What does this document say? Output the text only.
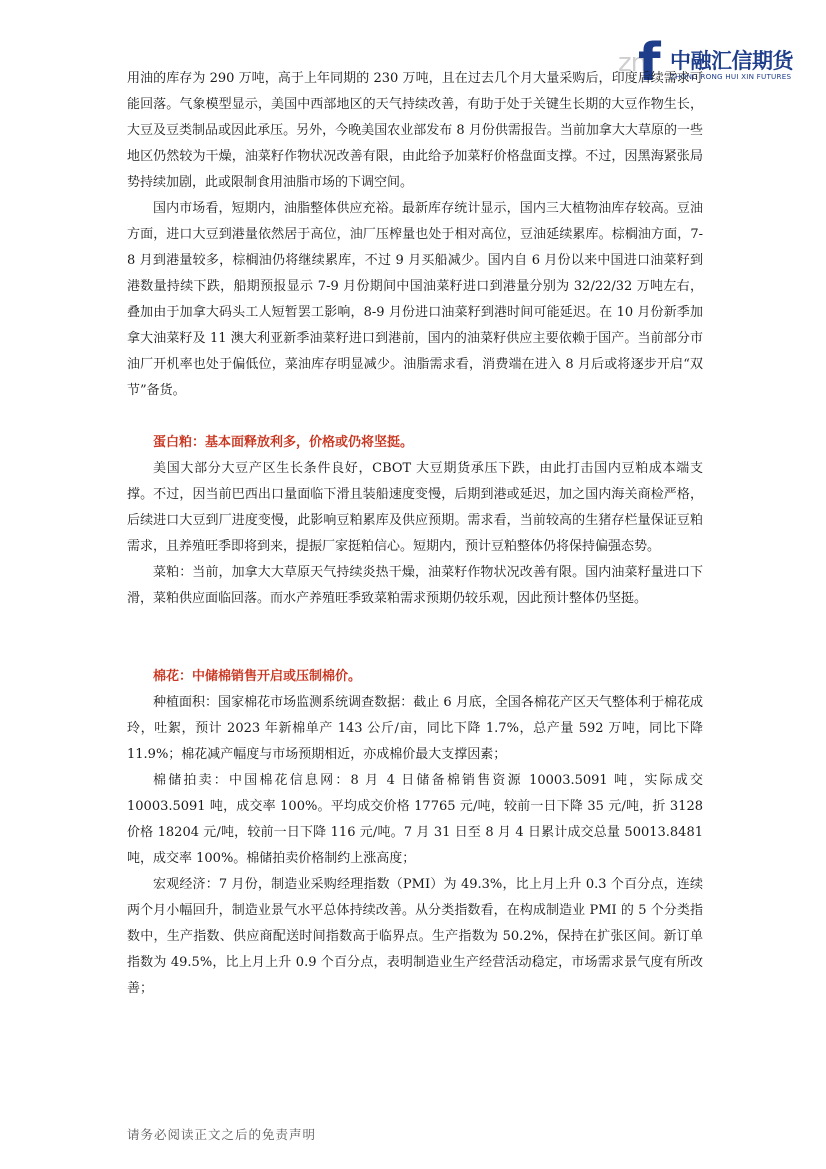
zn
f 中融汇信期货
ZHONG RONG HUI XIN FUTURES

用油的库存为 290 万吨，高于上年同期的 230 万吨，且在过去几个月大量采购后，印度后续需求可能回落。气象模型显示，美国中西部地区的天气持续改善，有助于处于关键生长期的大豆作物生长，大豆及豆类制品或因此承压。另外，今晚美国农业部发布 8 月份供需报告。当前加拿大大草原的一些地区仍然较为干燥，油菜籽作物状况改善有限，由此给予加菜籽价格盘面支撑。不过，因黑海紧张局势持续加剧，此或限制食用油脂市场的下调空间。

国内市场看，短期内，油脂整体供应充裕。最新库存统计显示，国内三大植物油库存较高。豆油方面，进口大豆到港量依然居于高位，油厂压榨量也处于相对高位，豆油延续累库。棕榈油方面，7-8 月到港量较多，棕榈油仍将继续累库，不过 9 月买船减少。国内自 6 月份以来中国进口油菜籽到港数量持续下跌，船期预报显示 7-9 月份期间中国油菜籽进口到港量分别为 32/22/32 万吨左右，叠加由于加拿大码头工人短暂罢工影响，8-9 月份进口油菜籽到港时间可能延迟。在 10 月份新季加拿大油菜籽及 11 澳大利亚新季油菜籽进口到港前，国内的油菜籽供应主要依赖于国产。当前部分市油厂开机率也处于偏低位，菜油库存明显减少。油脂需求看，消费端在进入 8 月后或将逐步开启“双节”备货。

蛋白粕：基本面释放利多，价格或仍将坚挺。

美国大部分大豆产区生长条件良好，CBOT 大豆期货承压下跌，由此打击国内豆粕成本端支撑。不过，因当前巴西出口量面临下滑且装船速度变慢，后期到港或延迟，加之国内海关商检严格，后续进口大豆到厂进度变慢，此影响豆粕累库及供应预期。需求看，当前较高的生猪存栏量保证豆粕需求，且养殖旺季即将到来，提振厂家挺粕信心。短期内，预计豆粕整体仍将保持偏强态势。

菜粕：当前，加拿大大草原天气持续炎热干燥，油菜籽作物状况改善有限。国内油菜籽量进口下滑，菜粕供应面临回落。而水产养殖旺季致菜粕需求预期仍较乐观，因此预计整体仍坚挺。

棉花：中储棉销售开启或压制棉价。

种植面积：国家棉花市场监测系统调查数据：截止 6 月底，全国各棉花产区天气整体利于棉花成玲，吐絮，预计 2023 年新棉单产 143 公斤/亩，同比下降 1.7%，总产量 592 万吨，同比下降 11.9%；棉花减产幅度与市场预期相近，亦成棉价最大支撑因素；

棉储拍卖：中国棉花信息网：8 月 4 日储备棉销售资源 10003.5091 吨，实际成交 10003.5091 吨，成交率 100%。平均成交价格 17765 元/吨，较前一日下降 35 元/吨，折 3128 价格 18204 元/吨，较前一日下降 116 元/吨。7 月 31 日至 8 月 4 日累计成交总量 50013.8481 吨，成交率 100%。棉储拍卖价格制约上涨高度；

宏观经济：7 月份，制造业采购经理指数（PMI）为 49.3%，比上月上升 0.3 个百分点，连续两个月小幅回升，制造业景气水平总体持续改善。从分类指数看，在构成制造业 PMI 的 5 个分类指数中，生产指数、供应商配送时间指数高于临界点。生产指数为 50.2%，保持在扩张区间。新订单指数为 49.5%，比上月上升 0.9 个百分点，表明制造业生产经营活动稳定，市场需求景气度有所改善；

请务必阅读正文之后的免责声明
